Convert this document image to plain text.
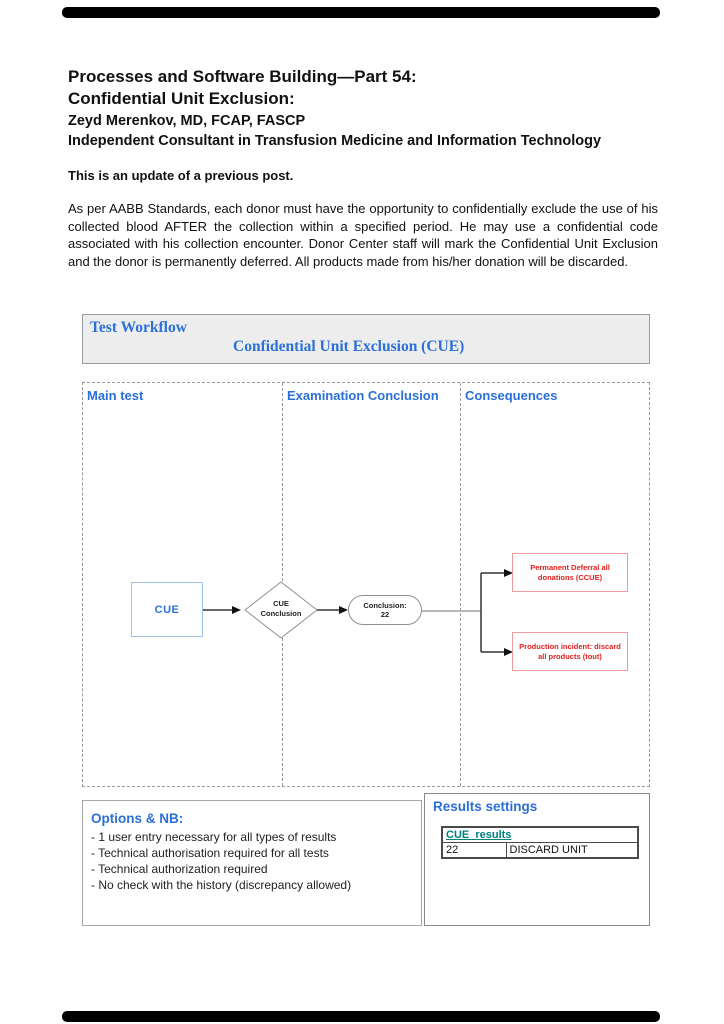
Processes and Software Building—Part 54:
Confidential Unit Exclusion:
Zeyd Merenkov, MD, FCAP, FASCP
Independent Consultant in Transfusion Medicine and Information Technology
This is an update of a previous post.
As per AABB Standards, each donor must have the opportunity to confidentially exclude the use of his collected blood AFTER the collection within a specified period. He may use a confidential code associated with his collection encounter. Donor Center staff will mark the Confidential Unit Exclusion and the donor is permanently deferred. All products made from his/her donation will be discarded.
Test Workflow
Confidential Unit Exclusion (CUE)
Main test	Examination Conclusion	Consequences
CUE	CUE
Conclusion
Conclusion:
22
Permanent Deferral all donations (CCUE)
Production incident: discard all products (tout)
Options & NB:
- 1 user entry necessary for all types of results
- Technical authorisation required for all tests
- Technical authorization required
- No check with the history (discrepancy allowed)
Results settings
CUE  results
22	DISCARD UNIT
